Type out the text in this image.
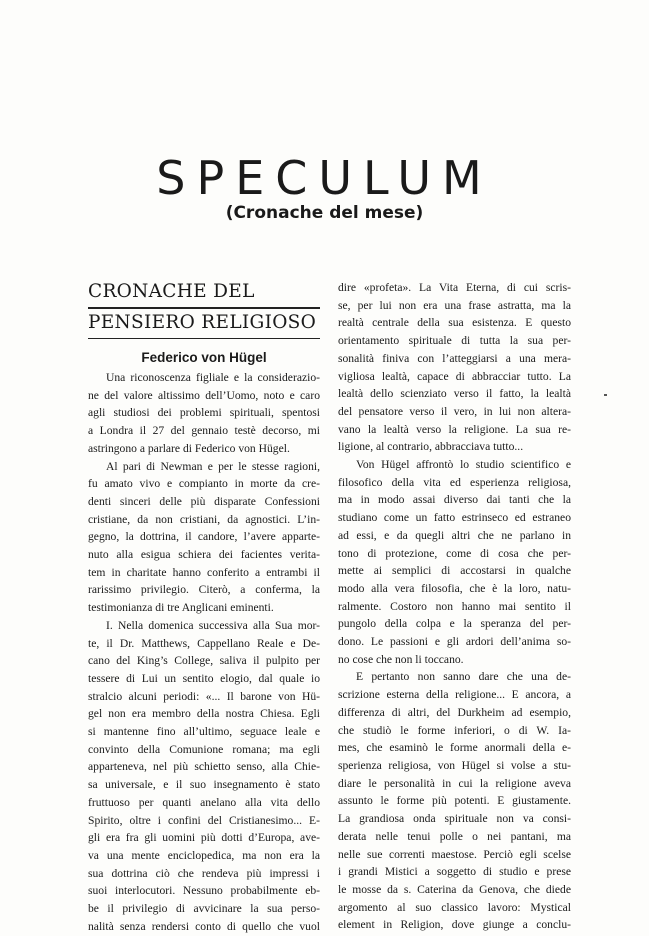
SPECULUM
(Cronache del mese)
CRONACHE DEL
PENSIERO RELIGIOSO
Federico von Hügel

Una riconoscenza figliale e la considerazio-
ne del valore altissimo dell’Uomo, noto e caro
agli studiosi dei problemi spirituali, spentosi
a Londra il 27 del gennaio testè decorso, mi
astringono a parlare di Federico von Hügel.

Al pari di Newman e per le stesse ragioni,
fu amato vivo e compianto in morte da cre-
denti sinceri delle più disparate Confessioni
cristiane, da non cristiani, da agnostici. L’in-
gegno, la dottrina, il candore, l’avere apparte-
nuto alla esigua schiera dei facientes veritа-
tem in charitate hanno conferito a entrambi il
rarissimo privilegio. Citerò, a conferma, la
testimonianza di tre Anglicani eminenti.

I. Nella domenica successiva alla Sua mor-
te, il Dr. Matthews, Cappellano Reale e De-
cano del King’s College, saliva il pulpito per
tessere di Lui un sentito elogio, dal quale io
stralcio alcuni periodi: «... Il barone von Hü-
gel non era membro della nostra Chiesa. Egli
si mantenne fino all’ultimo, seguace leale e
convinto della Comunione romana; ma egli
apparteneva, nel più schietto senso, alla Chie-
sa universale, e il suo insegnamento è stato
fruttuoso per quanti anelano alla vita dello
Spirito, oltre i confini del Cristianesimo... E-
gli era fra gli uomini più dotti d’Europa, ave-
va una mente enciclopedica, ma non era la
sua dottrina ciò che rendeva più impressi i
suoi interlocutori. Nessuno probabilmente eb-
be il privilegio di avvicinare la sua perso-
nalità senza rendersi conto di quello che vuol

dire «profeta». La Vita Eterna, di cui scris-
se, per lui non era una frase astratta, ma la
realtà centrale della sua esistenza. E questo
orientamento spirituale di tutta la sua per-
sonalità finiva con l’atteggiarsi a una mera-
vigliosa lealtà, capace di abbracciar tutto. La
lealtà dello scienziato verso il fatto, la lealtà
del pensatore verso il vero, in lui non altera-
vano la lealtà verso la religione. La sua re-
ligione, al contrario, abbracciava tutto...

Von Hügel affrontò lo studio scientifico e
filosofico della vita ed esperienza religiosa,
ma in modo assai diverso dai tanti che la
studiano come un fatto estrinseco ed estraneo
ad essi, e da quegli altri che ne parlano in
tono di protezione, come di cosa che per-
mette ai semplici di accostarsi in qualche
modo alla vera filosofia, che è la loro, natu-
ralmente. Costoro non hanno mai sentito il
pungolo della colpa e la speranza del per-
dono. Le passioni e gli ardori dell’anima so-
no cose che non li toccano.

E pertanto non sanno dare che una de-
scrizione esterna della religione... E ancora, a
differenza di altri, del Durkheim ad esempio,
che studiò le forme inferiori, o di W. Ia-
mes, che esaminò le forme anormali della e-
sperienza religiosa, von Hügel si volse a stu-
diare le personalità in cui la religione aveva
assunto le forme più potenti. E giustamente.
La grandiosa onda spirituale non va consi-
derata nelle tenui polle o nei pantani, ma
nelle sue correnti maestose. Perciò egli scelse
i grandi Mistici a soggetto di studio e prese
le mosse da s. Caterina da Genova, che diede
argomento al suo classico lavoro: Mystical
element in Religion, dove giunge a conclu-
